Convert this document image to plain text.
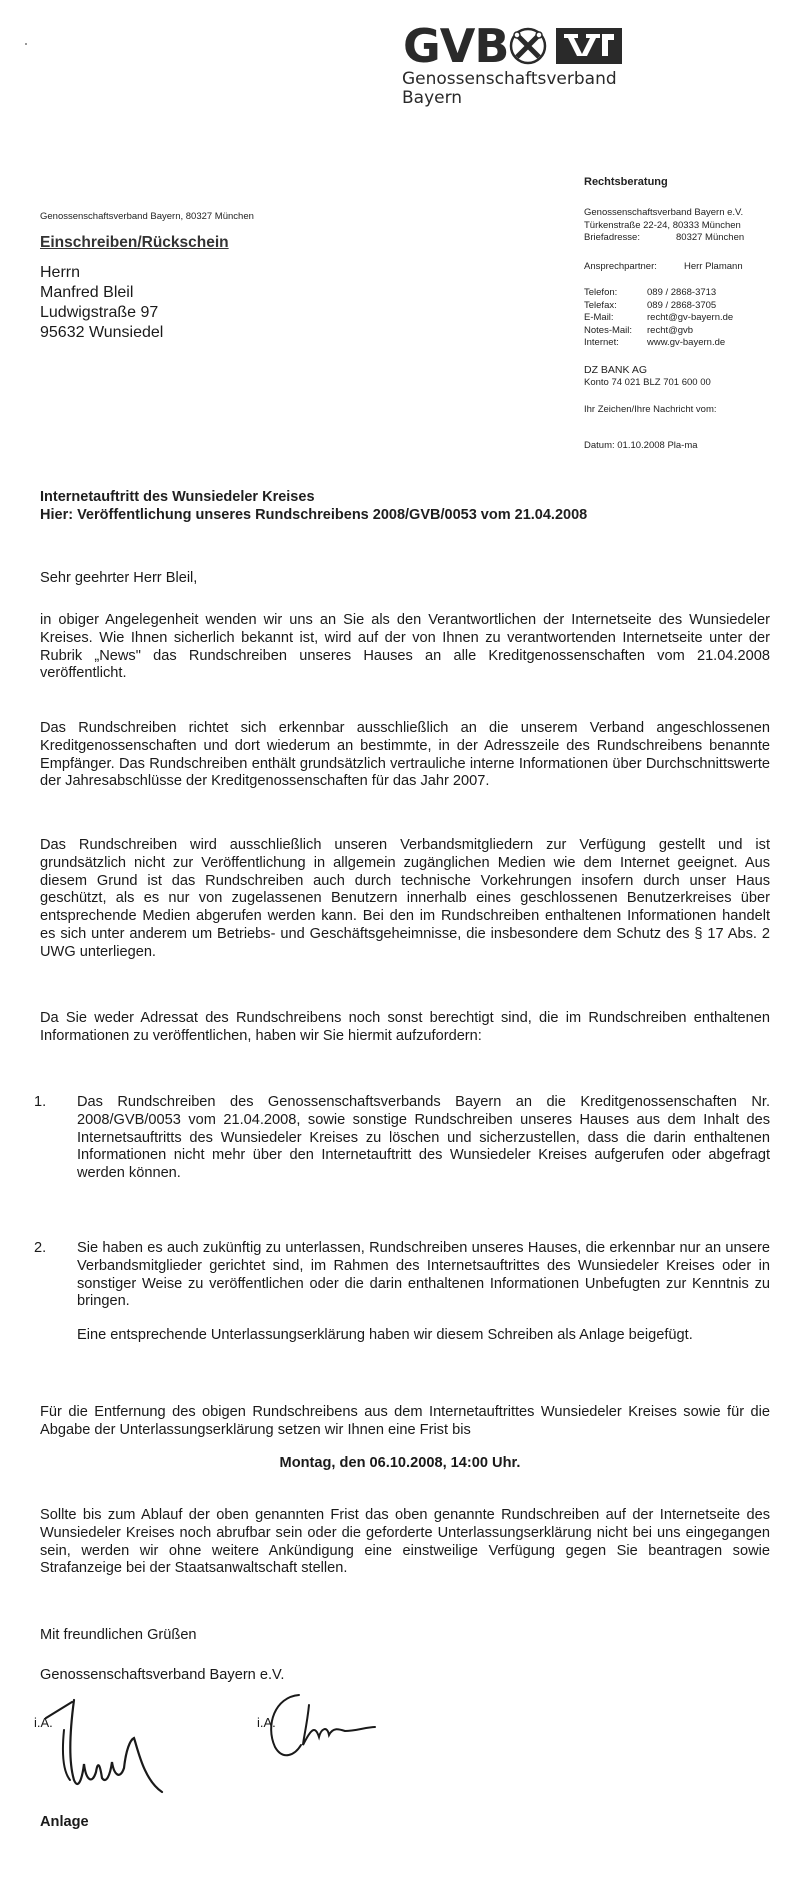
GVB
Genossenschaftsverband
Bayern
Rechtsberatung
Genossenschaftsverband Bayern e.V.
Türkenstraße 22-24, 80333 München
Briefadresse:	80327 München
Ansprechpartner:	Herr Plamann
Telefon:	089 / 2868-3713
Telefax:	089 / 2868-3705
E-Mail:	recht@gv-bayern.de
Notes-Mail:	recht@gvb
Internet:	www.gv-bayern.de
DZ BANK AG
Konto 74 021 BLZ 701 600 00
Ihr Zeichen/Ihre Nachricht vom:
Datum: 01.10.2008 Pla-ma
Genossenschaftsverband Bayern, 80327 München
Einschreiben/Rückschein
Herrn
Manfred Bleil
Ludwigstraße 97
95632 Wunsiedel
Internetauftritt des Wunsiedeler Kreises
Hier: Veröffentlichung unseres Rundschreibens 2008/GVB/0053 vom 21.04.2008
Sehr geehrter Herr Bleil,
in obiger Angelegenheit wenden wir uns an Sie als den Verantwortlichen der Internetseite des Wunsiedeler Kreises. Wie Ihnen sicherlich bekannt ist, wird auf der von Ihnen zu verantwortenden Internetseite unter der Rubrik „News" das Rundschreiben unseres Hauses an alle Kreditgenossenschaften vom 21.04.2008 veröffentlicht.
Das Rundschreiben richtet sich erkennbar ausschließlich an die unserem Verband angeschlossenen Kreditgenossenschaften und dort wiederum an bestimmte, in der Adresszeile des Rundschreibens benannte Empfänger. Das Rundschreiben enthält grundsätzlich vertrauliche interne Informationen über Durchschnittswerte der Jahresabschlüsse der Kreditgenossenschaften für das Jahr 2007.
Das Rundschreiben wird ausschließlich unseren Verbandsmitgliedern zur Verfügung gestellt und ist grundsätzlich nicht zur Veröffentlichung in allgemein zugänglichen Medien wie dem Internet geeignet. Aus diesem Grund ist das Rundschreiben auch durch technische Vorkehrungen insofern durch unser Haus geschützt, als es nur von zugelassenen Benutzern innerhalb eines geschlossenen Benutzerkreises über entsprechende Medien abgerufen werden kann. Bei den im Rundschreiben enthaltenen Informationen handelt es sich unter anderem um Betriebs- und Geschäftsgeheimnisse, die insbesondere dem Schutz des § 17 Abs. 2 UWG unterliegen.
Da Sie weder Adressat des Rundschreibens noch sonst berechtigt sind, die im Rundschreiben enthaltenen Informationen zu veröffentlichen, haben wir Sie hiermit aufzufordern:
1. Das Rundschreiben des Genossenschaftsverbands Bayern an die Kreditgenossenschaften Nr. 2008/GVB/0053 vom 21.04.2008, sowie sonstige Rundschreiben unseres Hauses aus dem Inhalt des Internetsauftritts des Wunsiedeler Kreises zu löschen und sicherzustellen, dass die darin enthaltenen Informationen nicht mehr über den Internetauftritt des Wunsiedeler Kreises aufgerufen oder abgefragt werden können.
2. Sie haben es auch zukünftig zu unterlassen, Rundschreiben unseres Hauses, die erkennbar nur an unsere Verbandsmitglieder gerichtet sind, im Rahmen des Internetsauftrittes des Wunsiedeler Kreises oder in sonstiger Weise zu veröffentlichen oder die darin enthaltenen Informationen Unbefugten zur Kenntnis zu bringen.
Eine entsprechende Unterlassungserklärung haben wir diesem Schreiben als Anlage beigefügt.
Für die Entfernung des obigen Rundschreibens aus dem Internetauftrittes Wunsiedeler Kreises sowie für die Abgabe der Unterlassungserklärung setzen wir Ihnen eine Frist bis
Montag, den 06.10.2008, 14:00 Uhr.
Sollte bis zum Ablauf der oben genannten Frist das oben genannte Rundschreiben auf der Internetseite des Wunsiedeler Kreises noch abrufbar sein oder die geforderte Unterlassungserklärung nicht bei uns eingegangen sein, werden wir ohne weitere Ankündigung eine einstweilige Verfügung gegen Sie beantragen sowie Strafanzeige bei der Staatsanwaltschaft stellen.
Mit freundlichen Grüßen
Genossenschaftsverband Bayern e.V.
i.A.	i.A.
Anlage
